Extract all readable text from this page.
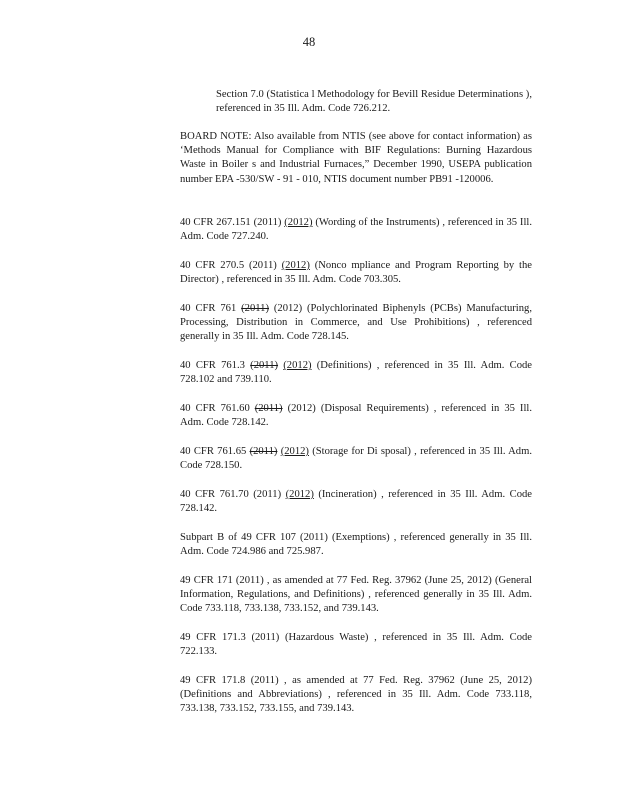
48
Section 7.0 (Statistica l Methodology for Bevill Residue Determinations ), referenced in 35 Ill. Adm. Code 726.212.
BOARD NOTE: Also available from NTIS (see above for contact information) as ‘Methods Manual for Compliance with BIF Regulations: Burning Hazardous Waste in Boiler s and Industrial Furnaces,” December 1990, USEPA publication number EPA -530/SW - 91 - 010, NTIS document number PB91 -120006.
40 CFR 267.151 (2011) (2012) (Wording of the Instruments) , referenced in 35 Ill. Adm. Code 727.240.
40 CFR 270.5 (2011) (2012) (Nonco mpliance and Program Reporting by the Director) , referenced in 35 Ill. Adm. Code 703.305.
40 CFR 761 (2011) (2012) (Polychlorinated Biphenyls (PCBs) Manufacturing, Processing, Distribution in Commerce, and Use Prohibitions) , referenced generally in 35 Ill. Adm. Code 728.145.
40 CFR 761.3 (2011) (2012) (Definitions) , referenced in 35 Ill. Adm. Code 728.102 and 739.110.
40 CFR 761.60 (2011) (2012) (Disposal Requirements) , referenced in 35 Ill. Adm. Code 728.142.
40 CFR 761.65 (2011) (2012) (Storage for Di sposal) , referenced in 35 Ill. Adm. Code 728.150.
40 CFR 761.70 (2011) (2012) (Incineration) , referenced in 35 Ill. Adm. Code 728.142.
Subpart B of 49 CFR 107 (2011) (Exemptions) , referenced generally in 35 Ill. Adm. Code 724.986 and 725.987.
49 CFR 171 (2011) , as amended at 77 Fed. Reg. 37962 (June 25, 2012) (General Information, Regulations, and Definitions) , referenced generally in 35 Ill. Adm. Code 733.118, 733.138, 733.152, and 739.143.
49 CFR 171.3 (2011) (Hazardous Waste) , referenced in 35 Ill. Adm. Code 722.133.
49 CFR 171.8 (2011) , as amended at 77 Fed. Reg. 37962 (June 25, 2012) (Definitions and Abbreviations) , referenced in 35 Ill. Adm. Code 733.118, 733.138, 733.152, 733.155, and 739.143.
